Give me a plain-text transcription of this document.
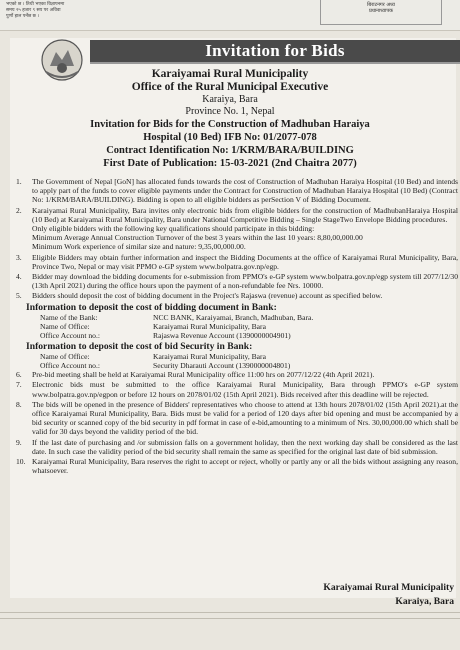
भएको छ । तिथी भएका विज्ञापनमा
समय २५ हजार ९ सय पर अविवा
पुर्णो हाल पर्नेछ छ ।
बिराटनगर अध्य
प्रधानाध्यापक
Invitation for Bids
Karaiyamai Rural Municipality
Office of the Rural Municipal Executive
Karaiya, Bara
Province No. 1, Nepal
Invitation for Bids for the Construction of Madhuban Haraiya
Hospital (10 Bed) IFB No: 01/2077-078
Contract Identification No: 1/KRM/BARA/BUILDING
First Date of Publication: 15-03-2021 (2nd Chaitra 2077)
1. The Government of Nepal [GoN] has allocated funds towards the cost of Construction of Madhuban Haraiya Hospital (10 Bed) and intends to apply part of the funds to cover eligible payments under the Contract for Construction of Madhuban Haraiya Hospital (10 Bed) (Contract No: 1/KRM/BARA/BUILDING). Bidding is open to all eligible bidders as perSection V of Bidding Document.
2. Karaiyamai Rural Municipality, Bara invites only electronic bids from eligible bidders for the construction of MadhubanHaraiya Hospital (10 Bed) at Karaiyamai Rural Municipality, Bara under National Competitive Bidding – Single StageTwo Envelope Bidding procedures.
Only eligible bidders with the following key qualifications should participate in this bidding:
Minimum Average Annual Construction Turnover of the best 3 years within the last 10 years: 8,80,00,000.00
Minimum Work experience of similar size and nature: 9,35,00,000.00.
3. Eligible Bidders may obtain further information and inspect the Bidding Documents at the office of Karaiyamai Rural Municipality, Bara, Province Two, Nepal or may visit PPMO e-GP system www.bolpatra.gov.np/egp.
4. Bidder may download the bidding documents for e-submission from PPMO's e-GP system www.bolpatra.gov.np/egp system till 2077/12/30 (13th April 2021) during the office hours upon the payment of a non-refundable fee Nrs. 10000.
5. Bidders should deposit the cost of bidding document in the Project's Rajaswa (revenue) account as specified below.
Information to deposit the cost of bidding document in Bank:
Name of the Bank:	NCC BANK, Karaiyamai, Branch, Madhuban, Bara.
Name of Office:	Karaiyamai Rural Municipality, Bara
Office Account no.:	Rajaswa Revenue Account (1390000004901)
Information to deposit the cost of bid Security in Bank:
Name of Office:	Karaiyamai Rural Municipality, Bara
Office Account no.:	Security Dharauti Account (1390000004801)
6. Pre-bid meeting shall be held at Karaiyamai Rural Municipality office 11:00 hrs on 2077/12/22 (4th April 2021).
7. Electronic bids must be submitted to the office Karaiyamai Rural Municipality, Bara through PPMO's e-GP system www.bolpatra.gov.np/egpon or before 12 hours on 2078/01/02 (15th April 2021). Bids received after this deadline will be rejected.
8. The bids will be opened in the presence of Bidders' representatives who choose to attend at 13th hours 2078/01/02 (15th April 2021).at the office Karaiyamai Rural Municipality, Bara. Bids must be valid for a period of 120 days after bid opening and must be accompanied by a bid security or scanned copy of the bid security in pdf format in case of e-bid,amounting to a minimum of Nrs. 30,00,000.00 which shall be valid for 30 days beyond the validity period of the bid.
9. If the last date of purchasing and /or submission falls on a government holiday, then the next working day shall be considered as the last date. In such case the validity period of the bid security shall remain the same as specified for the original last date of bid submission.
10. Karaiyamai Rural Municipality, Bara reserves the right to accept or reject, wholly or partly any or all the bids without assigning any reason, whatsoever.
Karaiyamai Rural Municipality
Karaiya, Bara
